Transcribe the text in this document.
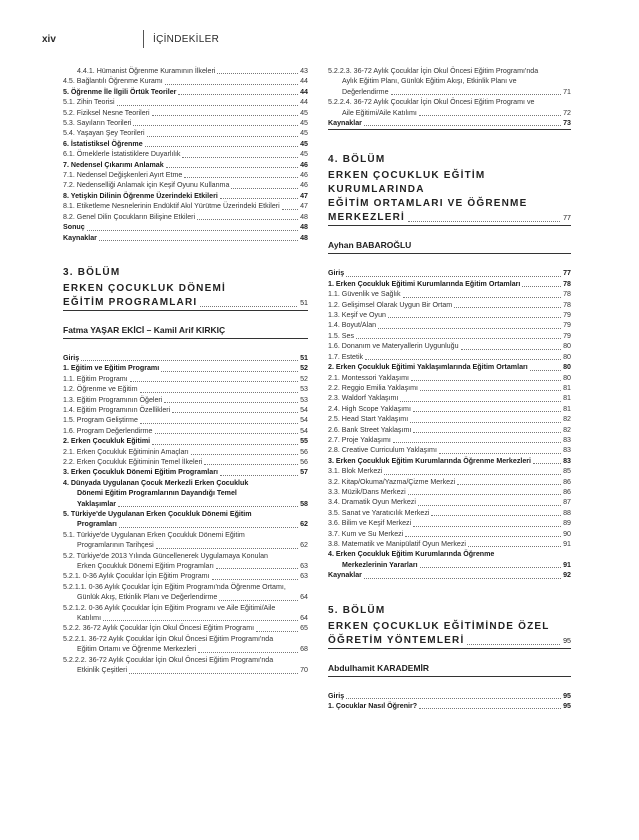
xiv	İÇİNDEKİLER
4.4.1. Hümanist Öğrenme Kuramının İlkeleri	43
4.5. Bağlantılı Öğrenme Kuramı	44
5. Öğrenme İle İlgili Örtük Teoriler	44
5.1. Zihin Teorisi	44
5.2. Fiziksel Nesne Teorileri	45
5.3. Sayıların Teorileri	45
5.4. Yaşayan Şey Teorileri	45
6. İstatistiksel Öğrenme	45
6.1. Örneklerle İstatistiklere Duyarlılık	45
7. Nedensel Çıkarımı Anlamak	46
7.1. Nedensel Değişkenleri Ayırt Etme	46
7.2. Nedenselliği Anlamak için Keşif Oyunu Kullanma	46
8. Yetişkin Dilinin Öğrenme Üzerindeki Etkileri	47
8.1. Etiketleme Nesnelerinin Endüktif Akıl Yürütme Üzerindeki Etkileri	47
8.2. Genel Dilin Çocukların Bilişine Etkileri	48
Sonuç	48
Kaynaklar	48
3. BÖLÜM
ERKEN ÇOCUKLUK DÖNEMİ
EĞİTİM PROGRAMLARI	51
Fatma YAŞAR EKİCİ – Kamil Arif KIRKIÇ
Giriş	51
1. Eğitim ve Eğitim Programı	52
1.1. Eğitim Programı	52
1.2. Öğrenme ve Eğitim	53
1.3. Eğitim Programının Öğeleri	53
1.4. Eğitim Programının Özellikleri	54
1.5. Program Geliştirme	54
1.6. Program Değerlendirme	54
2. Erken Çocukluk Eğitimi	55
2.1. Erken Çocukluk Eğitiminin Amaçları	56
2.2. Erken Çocukluk Eğitiminin Temel İlkeleri	56
3. Erken Çocukluk Dönemi Eğitim Programları	57
4. Dünyada Uygulanan Çocuk Merkezli Erken Çocukluk
Dönemi Eğitim Programlarının Dayandığı Temel
Yaklaşımlar	58
5. Türkiye'de Uygulanan Erken Çocukluk Dönemi Eğitim
Programları	62
5.1. Türkiye'de Uygulanan Erken Çocukluk Dönemi Eğitim
Programlarının Tarihçesi	62
5.2. Türkiye'de 2013 Yılında Güncellenerek Uygulamaya Konulan
Erken Çocukluk Dönemi Eğitim Programları	63
5.2.1. 0-36 Aylık Çocuklar İçin Eğitim Programı	63
5.2.1.1. 0-36 Aylık Çocuklar İçin Eğitim Programı'nda Öğrenme Ortamı,
Günlük Akış, Etkinlik Planı ve Değerlendirme	64
5.2.1.2. 0-36 Aylık Çocuklar İçin Eğitim Programı ve Aile Eğitimi/Aile
Katılımı	64
5.2.2. 36-72 Aylık Çocuklar İçin Okul Öncesi Eğitim Programı	65
5.2.2.1. 36-72 Aylık Çocuklar İçin Okul Öncesi Eğitim Programı'nda
Eğitim Ortamı ve Öğrenme Merkezleri	68
5.2.2.2. 36-72 Aylık Çocuklar İçin Okul Öncesi Eğitim Programı'nda
Etkinlik Çeşitleri	70
5.2.2.3. 36-72 Aylık Çocuklar İçin Okul Öncesi Eğitim Programı'nda
Aylık Eğitim Planı, Günlük Eğitim Akışı, Etkinlik Planı ve
Değerlendirme	71
5.2.2.4. 36-72 Aylık Çocuklar İçin Okul Öncesi Eğitim Programı ve
Aile Eğitimi/Aile Katılımı	72
Kaynaklar	73
4. BÖLÜM
ERKEN ÇOCUKLUK EĞİTİM KURUMLARINDA
EĞİTİM ORTAMLARI VE ÖĞRENME
MERKEZLERİ	77
Ayhan BABAROĞLU
Giriş	77
1. Erken Çocukluk Eğitimi Kurumlarında Eğitim Ortamları	78
1.1. Güvenlik ve Sağlık	78
1.2. Gelişimsel Olarak Uygun Bir Ortam	78
1.3. Keşif ve Oyun	79
1.4. Boyut/Alan	79
1.5. Ses	79
1.6. Donanım ve Materyallerin Uygunluğu	80
1.7. Estetik	80
2. Erken Çocukluk Eğitimi Yaklaşımlarında Eğitim Ortamları	80
2.1. Montessori Yaklaşımı	80
2.2. Reggio Emilia Yaklaşımı	81
2.3. Waldorf Yaklaşımı	81
2.4. High Scope Yaklaşımı	81
2.5. Head Start Yaklaşımı	82
2.6. Bank Street Yaklaşımı	82
2.7. Proje Yaklaşımı	83
2.8. Creative Curriculum Yaklaşımı	83
3. Erken Çocukluk Eğitim Kurumlarında Öğrenme Merkezleri	83
3.1. Blok Merkezi	85
3.2. Kitap/Okuma/Yazma/Çizme Merkezi	86
3.3. Müzik/Dans Merkezi	86
3.4. Dramatik Oyun Merkezi	87
3.5. Sanat ve Yaratıcılık Merkezi	88
3.6. Bilim ve Keşif Merkezi	89
3.7. Kum ve Su Merkezi	90
3.8. Matematik ve Manipülatif Oyun Merkezi	91
4. Erken Çocukluk Eğitim Kurumlarında Öğrenme
Merkezlerinin Yararları	91
Kaynaklar	92
5. BÖLÜM
ERKEN ÇOCUKLUK EĞİTİMİNDE ÖZEL
ÖĞRETİM YÖNTEMLERİ	95
Abdulhamit KARADEMİR
Giriş	95
1. Çocuklar Nasıl Öğrenir?	95
